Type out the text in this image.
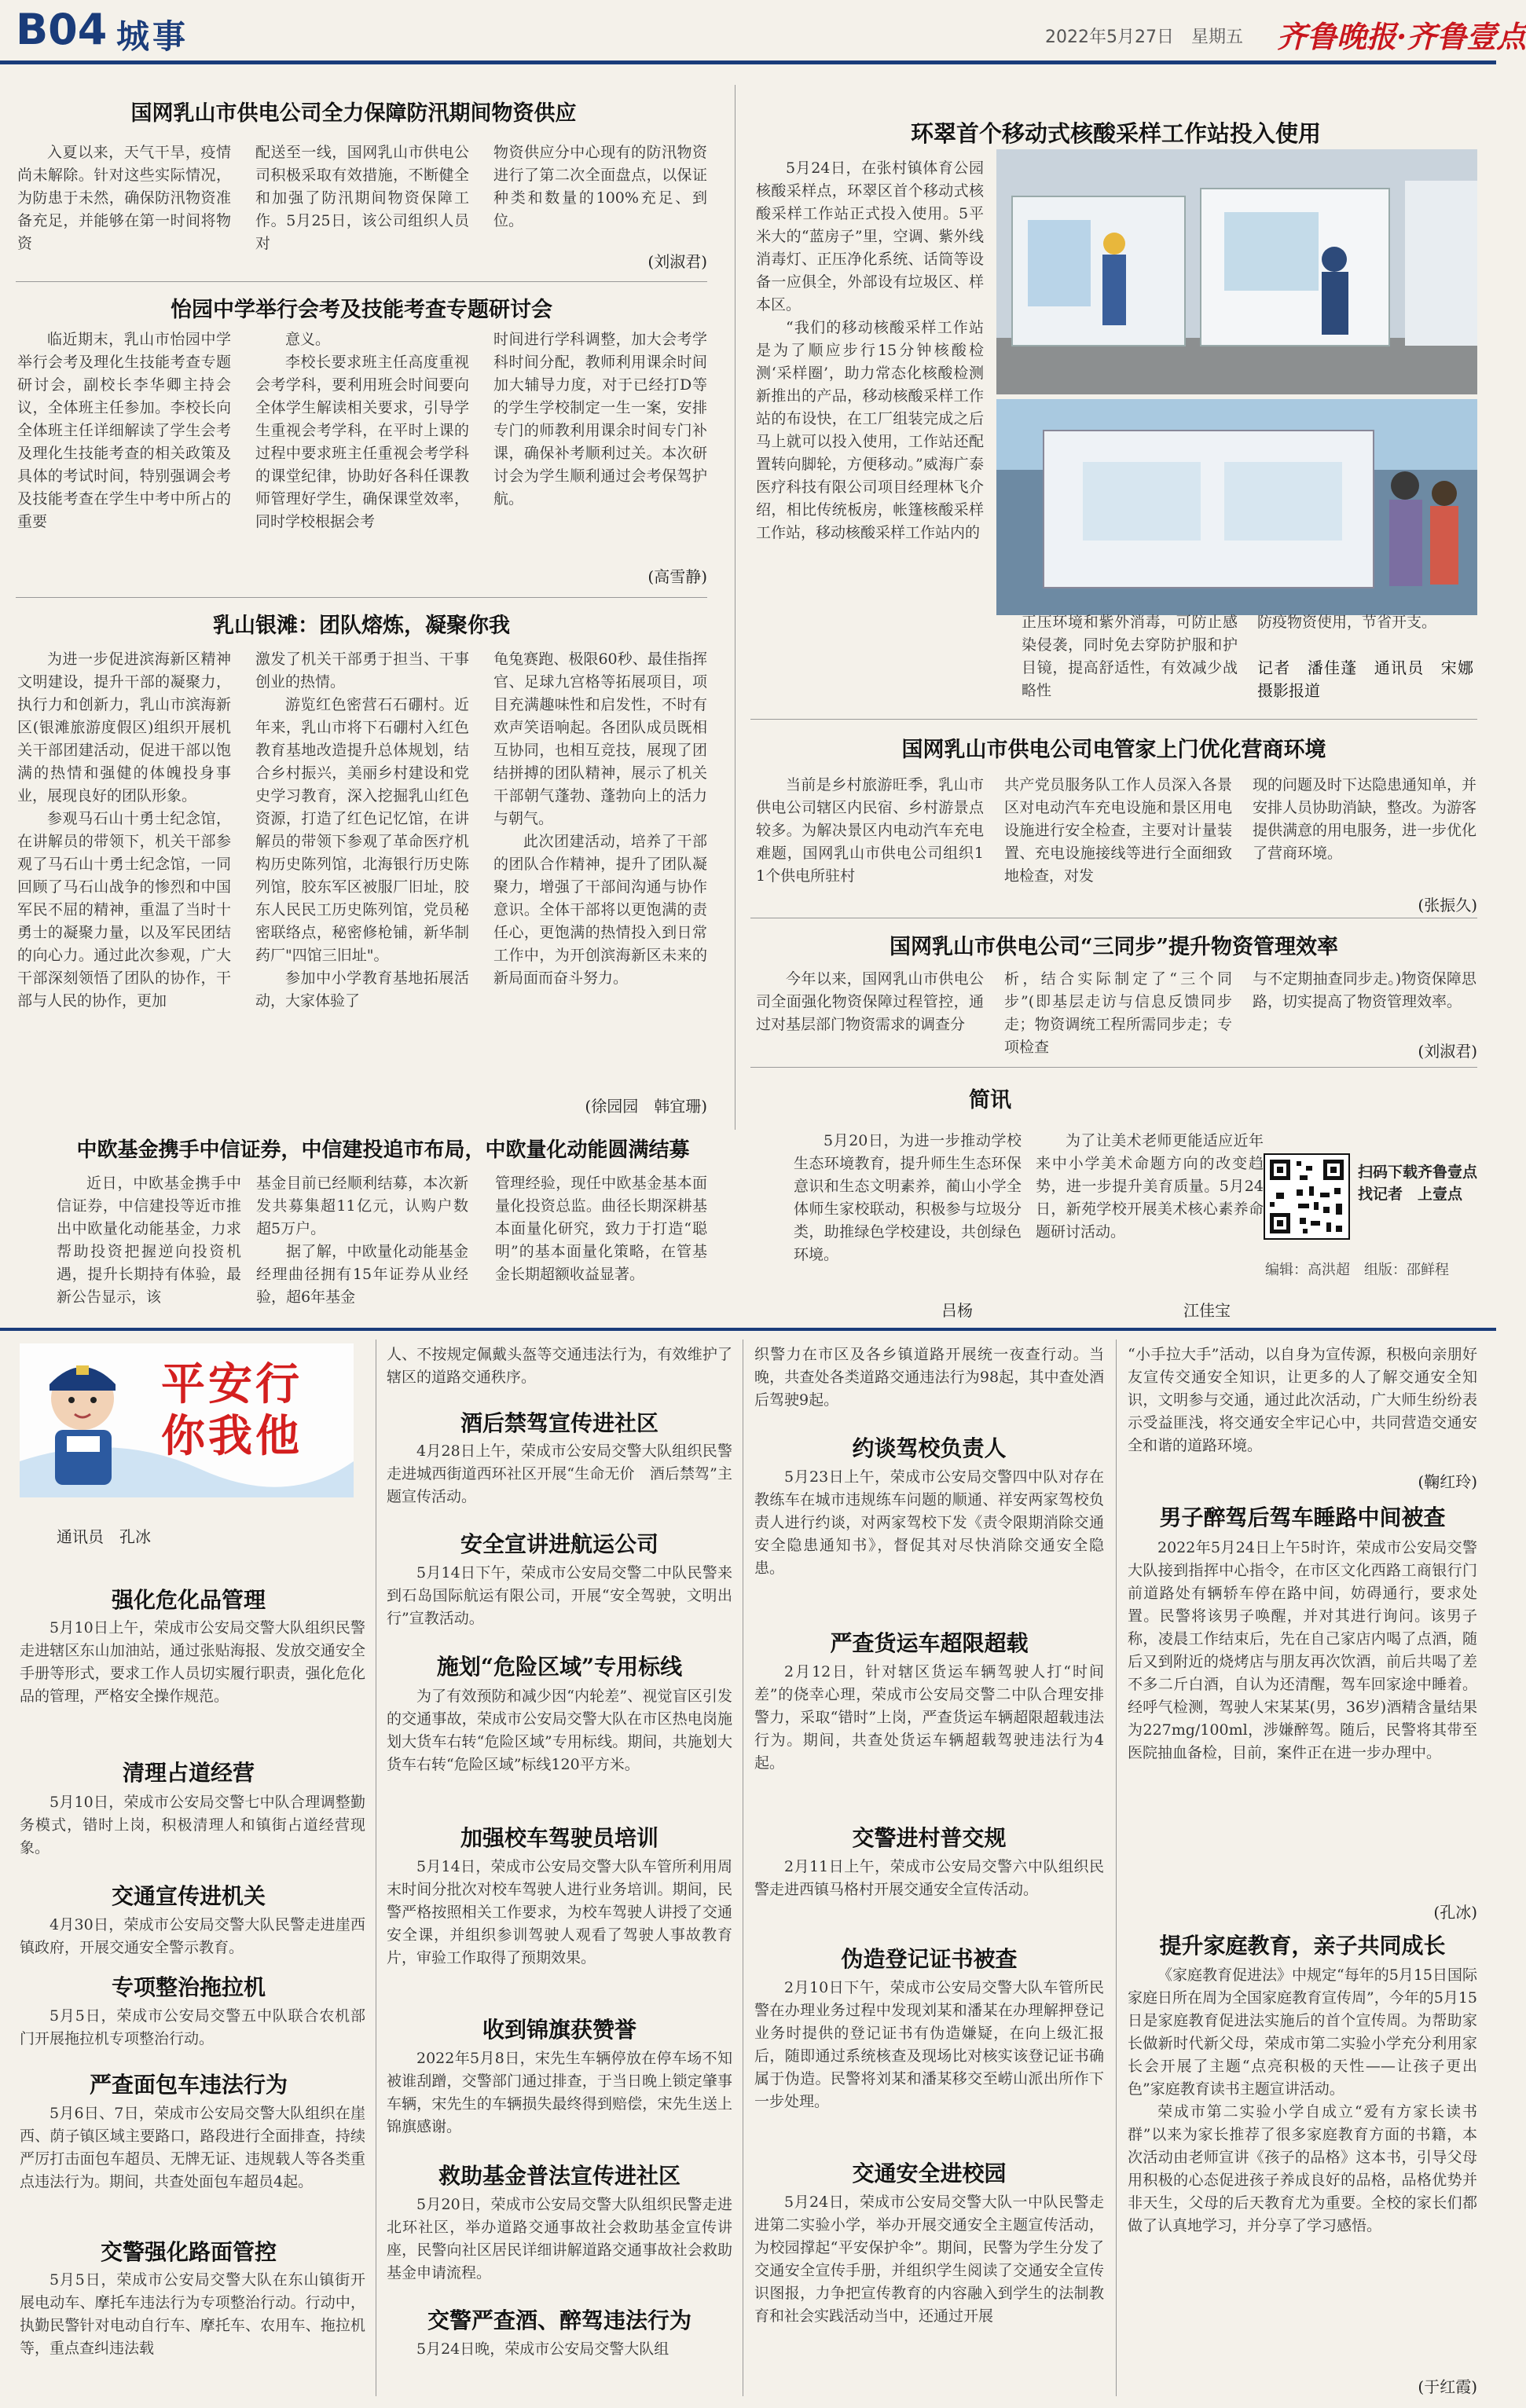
B04 城事	2022年5月27日　 星期五 齐鲁晚报·齐鲁壹点
国网乳山市供电公司全力保障防汛期间物资供应

入夏以来，天气干旱，疫情尚未解除。针对这些实际情况，为防患于未然，确保防汛物资准备充足，并能够在第一时间将物资

配送至一线，国网乳山市供电公司积极采取有效措施，不断健全和加强了防汛期间物资保障工作。5月25日，该公司组织人员对

物资供应分中心现有的防汛物资进行了第二次全面盘点，以保证种类和数量的100%充足、到位。

(刘淑君)
怡园中学举行会考及技能考查专题研讨会

临近期末，乳山市怡园中学举行会考及理化生技能考查专题研讨会，副校长李华卿主持会议，全体班主任参加。李校长向全体班主任详细解读了学生会考及理化生技能考查的相关政策及具体的考试时间，特别强调会考及技能考查在学生中考中所占的重要

意义。

李校长要求班主任高度重视会考学科，要利用班会时间要向全体学生解读相关要求，引导学生重视会考学科，在平时上课的过程中要求班主任重视会考学科的课堂纪律，协助好各科任课教师管理好学生，确保课堂效率，同时学校根据会考

时间进行学科调整，加大会考学科时间分配，教师利用课余时间加大辅导力度，对于已经打D等的学生学校制定一生一案，安排专门的师教利用课余时间专门补课，确保补考顺利过关。本次研讨会为学生顺利通过会考保驾护航。

(高雪静)
乳山银滩：团队熔炼，凝聚你我

为进一步促进滨海新区精神文明建设，提升干部的凝聚力，执行力和创新力，乳山市滨海新区(银滩旅游度假区)组织开展机关干部团建活动，促进干部以饱满的热情和强健的体魄投身事业，展现良好的团队形象。

参观马石山十勇士纪念馆，在讲解员的带领下，机关干部参观了马石山十勇士纪念馆，一同回顾了马石山战争的惨烈和中国军民不屈的精神，重温了当时十勇士的凝聚力量，以及军民团结的向心力。通过此次参观，广大干部深刻领悟了团队的协作，干部与人民的协作，更加

激发了机关干部勇于担当、干事创业的热情。

游览红色密营石石硼村。近年来，乳山市将下石硼村入红色教育基地改造提升总体规划，结合乡村振兴，美丽乡村建设和党史学习教育，深入挖掘乳山红色资源，打造了红色记忆馆，在讲解员的带领下参观了革命医疗机构历史陈列馆，北海银行历史陈列馆，胶东军区被服厂旧址，胶东人民民工历史陈列馆，党员秘密联络点，秘密修枪铺，新华制药厂"四馆三旧址"。

参加中小学教育基地拓展活动，大家体验了

龟兔赛跑、极限60秒、最佳指挥官、足球九宫格等拓展项目，项目充满趣味性和启发性，不时有欢声笑语响起。各团队成员既相互协同，也相互竞技，展现了团结拼搏的团队精神，展示了机关干部朝气蓬勃、蓬勃向上的活力与朝气。

此次团建活动，培养了干部的团队合作精神，提升了团队凝聚力，增强了干部间沟通与协作意识。全体干部将以更饱满的责任心，更饱满的热情投入到日常工作中，为开创滨海新区未来的新局面而奋斗努力。

(徐园园　韩宜珊)
环翠首个移动式核酸采样工作站投入使用

5月24日，在张村镇体育公园核酸采样点，环翠区首个移动式核酸采样工作站正式投入使用。5平米大的“蓝房子”里，空调、紫外线消毒灯、正压净化系统、话筒等设备一应俱全，外部设有垃圾区、样本区。

“我们的移动核酸采样工作站是为了顺应步行15分钟核酸检测‘采样圈’，助力常态化核酸检测新推出的产品，移动核酸采样工作站的布设快，在工厂组装完成之后马上就可以投入使用，工作站还配置转向脚轮，方便移动。”威海广泰医疗科技有限公司项目经理林飞介绍，相比传统板房，帐篷核酸采样工作站，移动核酸采样工作站内的

正压环境和紫外消毒，可防止感染侵袭，同时免去穿防护服和护目镜，提高舒适性，有效减少战略性

防疫物资使用，节省开支。

记者　潘佳蓬　通讯员　宋娜　摄影报道
国网乳山市供电公司电管家上门优化营商环境

当前是乡村旅游旺季，乳山市供电公司辖区内民宿、乡村游景点较多。为解决景区内电动汽车充电难题，国网乳山市供电公司组织11个供电所驻村

共产党员服务队工作人员深入各景区对电动汽车充电设施和景区用电设施进行安全检查，主要对计量装置、充电设施接线等进行全面细致地检查，对发

现的问题及时下达隐患通知单，并安排人员协助消缺，整改。为游客提供满意的用电服务，进一步优化了营商环境。

(张振久)
国网乳山市供电公司“三同步”提升物资管理效率

今年以来，国网乳山市供电公司全面强化物资保障过程管控，通过对基层部门物资需求的调查分

析，结合实际制定了“三个同步”(即基层走访与信息反馈同步走；物资调统工程所需同步走；专项检查

与不定期抽查同步走。)物资保障思路，切实提高了物资管理效率。

(刘淑君)
简讯

5月20日，为进一步推动学校生态环境教育，提升师生生态环保意识和生态文明素养，蔺山小学全体师生家校联动，积极参与垃圾分类，助推绿色学校建设，共创绿色环境。

吕杨

为了让美术老师更能适应近年来中小学美术命题方向的改变趋势，进一步提升美育质量。5月24日，新苑学校开展美术核心素养命题研讨活动。

江佳宝
扫码下载齐鲁壹点
找记者　上壹点
编辑：高洪超　组版：邵鲜程
中欧基金携手中信证券，中信建投追市布局，中欧量化动能圆满结募

近日，中欧基金携手中信证券，中信建投等近市推出中欧量化动能基金，力求帮助投资把握逆向投资机遇，提升长期持有体验，最新公告显示，该

基金目前已经顺利结募，本次新发共募集超11亿元，认购户数超5万户。

据了解，中欧量化动能基金经理曲径拥有15年证券从业经验，超6年基金

管理经验，现任中欧基金基本面量化投资总监。曲径长期深耕基本面量化研究，致力于打造“聪明”的基本面量化策略，在管基金长期超额收益显著。

平安行 你我他
通讯员　孔冰
强化危化品管理

5月10日上午，荣成市公安局交警大队组织民警走进辖区东山加油站，通过张贴海报、发放交通安全手册等形式，要求工作人员切实履行职责，强化危化品的管理，严格安全操作规范。

清理占道经营

5月10日，荣成市公安局交警七中队合理调整勤务模式，错时上岗，积极清理人和镇街占道经营现象。

交通宣传进机关

4月30日，荣成市公安局交警大队民警走进崖西镇政府，开展交通安全警示教育。

专项整治拖拉机

5月5日，荣成市公安局交警五中队联合农机部门开展拖拉机专项整治行动。

严查面包车违法行为

5月6日、7日，荣成市公安局交警大队组织在崖西、荫子镇区域主要路口，路段进行全面排查，持续严厉打击面包车超员、无牌无证、违规载人等各类重点违法行为。期间，共查处面包车超员4起。

交警强化路面管控

5月5日，荣成市公安局交警大队在东山镇街开展电动车、摩托车违法行为专项整治行动。行动中，执勤民警针对电动自行车、摩托车、农用车、拖拉机等，重点查纠违法载

人、不按规定佩戴头盔等交通违法行为，有效维护了辖区的道路交通秩序。

酒后禁驾宣传进社区

4月28日上午，荣成市公安局交警大队组织民警走进城西街道西环社区开展“生命无价　酒后禁驾”主题宣传活动。

安全宣讲进航运公司

5月14日下午，荣成市公安局交警二中队民警来到石岛国际航运有限公司，开展“安全驾驶，文明出行”宣教活动。

施划“危险区域”专用标线

为了有效预防和减少因“内轮差”、视觉盲区引发的交通事故，荣成市公安局交警大队在市区热电岗施划大货车右转“危险区域”专用标线。期间，共施划大货车右转“危险区域”标线120平方米。

加强校车驾驶员培训

5月14日，荣成市公安局交警大队车管所利用周末时间分批次对校车驾驶人进行业务培训。期间，民警严格按照相关工作要求，为校车驾驶人讲授了交通安全课，并组织参训驾驶人观看了驾驶人事故教育片，审验工作取得了预期效果。

收到锦旗获赞誉

2022年5月8日，宋先生车辆停放在停车场不知被谁刮蹭，交警部门通过排查，于当日晚上锁定肇事车辆，宋先生的车辆损失最终得到赔偿，宋先生送上锦旗感谢。

救助基金普法宣传进社区

5月20日，荣成市公安局交警大队组织民警走进北环社区，举办道路交通事故社会救助基金宣传讲座，民警向社区居民详细讲解道路交通事故社会救助基金申请流程。

交警严查酒、醉驾违法行为

5月24日晚，荣成市公安局交警大队组

织警力在市区及各乡镇道路开展统一夜查行动。当晚，共查处各类道路交通违法行为98起，其中查处酒后驾驶9起。

约谈驾校负责人

5月23日上午，荣成市公安局交警四中队对存在教练车在城市违规练车问题的顺通、祥安两家驾校负责人进行约谈，对两家驾校下发《责令限期消除交通安全隐患通知书》，督促其对尽快消除交通安全隐患。

严查货运车超限超载

2月12日，针对辖区货运车辆驾驶人打“时间差”的侥幸心理，荣成市公安局交警二中队合理安排警力，采取“错时”上岗，严查货运车辆超限超载违法行为。期间，共查处货运车辆超载驾驶违法行为4起。

交警进村普交规

2月11日上午，荣成市公安局交警六中队组织民警走进西镇马格村开展交通安全宣传活动。

伪造登记证书被查

2月10日下午，荣成市公安局交警大队车管所民警在办理业务过程中发现刘某和潘某在办理解押登记业务时提供的登记证书有伪造嫌疑，在向上级汇报后，随即通过系统核查及现场比对核实该登记证书确属于伪造。民警将刘某和潘某移交至崂山派出所作下一步处理。

交通安全进校园

5月24日，荣成市公安局交警大队一中队民警走进第二实验小学，举办开展交通安全主题宣传活动，为校园撑起“平安保护伞”。期间，民警为学生分发了交通安全宣传手册，并组织学生阅读了交通安全宣传识图报，力争把宣传教育的内容融入到学生的法制教育和社会实践活动当中，还通过开展

“小手拉大手”活动，以自身为宣传源，积极向亲朋好友宣传交通安全知识，让更多的人了解交通安全知识，文明参与交通，通过此次活动，广大师生纷纷表示受益匪浅，将交通安全牢记心中，共同营造交通安全和谐的道路环境。

(鞠红玲)
男子醉驾后驾车睡路中间被查

2022年5月24日上午5时许，荣成市公安局交警大队接到指挥中心指令，在市区文化西路工商银行门前道路处有辆轿车停在路中间，妨碍通行，要求处置。民警将该男子唤醒，并对其进行询问。该男子称，凌晨工作结束后，先在自己家店内喝了点酒，随后又到附近的烧烤店与朋友再次饮酒，前后共喝了差不多二斤白酒，自认为还清醒，驾车回家途中睡着。经呼气检测，驾驶人宋某某(男，36岁)酒精含量结果为227mg/100ml，涉嫌醉驾。随后，民警将其带至医院抽血备检，目前，案件正在进一步办理中。

(孔冰)
提升家庭教育，亲子共同成长

《家庭教育促进法》中规定“每年的5月15日国际家庭日所在周为全国家庭教育宣传周”，今年的5月15日是家庭教育促进法实施后的首个宣传周。为帮助家长做新时代新父母，荣成市第二实验小学充分利用家长会开展了主题“点亮积极的天性——让孩子更出色”家庭教育读书主题宣讲活动。

荣成市第二实验小学自成立“爱有方家长读书群”以来为家长推荐了很多家庭教育方面的书籍，本次活动由老师宣讲《孩子的品格》这本书，引导父母用积极的心态促进孩子养成良好的品格，品格优势并非天生，父母的后天教育尤为重要。全校的家长们都做了认真地学习，并分享了学习感悟。

(于红霞)
